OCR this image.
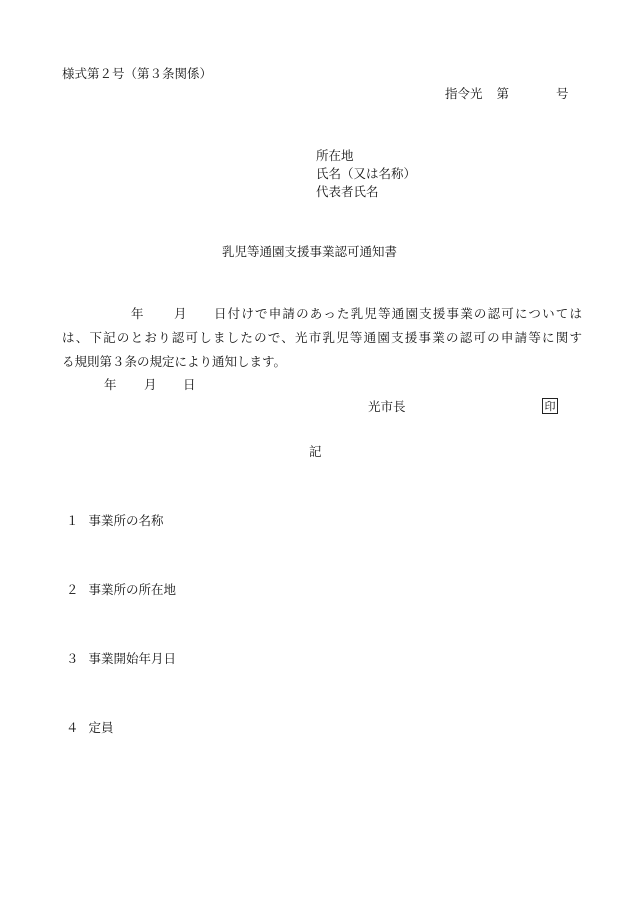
様式第２号（第３条関係）
指令光 第	号
所在地
氏名（又は名称）
代表者氏名
乳児等通園支援事業認可通知書
年 月 日付けで申請のあった乳児等通園支援事業の認可については
は、下記のとおり認可しましたので、光市乳児等通園支援事業の認可の申請等に関す
る規則第３条の規定により通知します。
年 月 日
光市長	印
記
１ 事業所の名称
２ 事業所の所在地
３ 事業開始年月日
４ 定員
